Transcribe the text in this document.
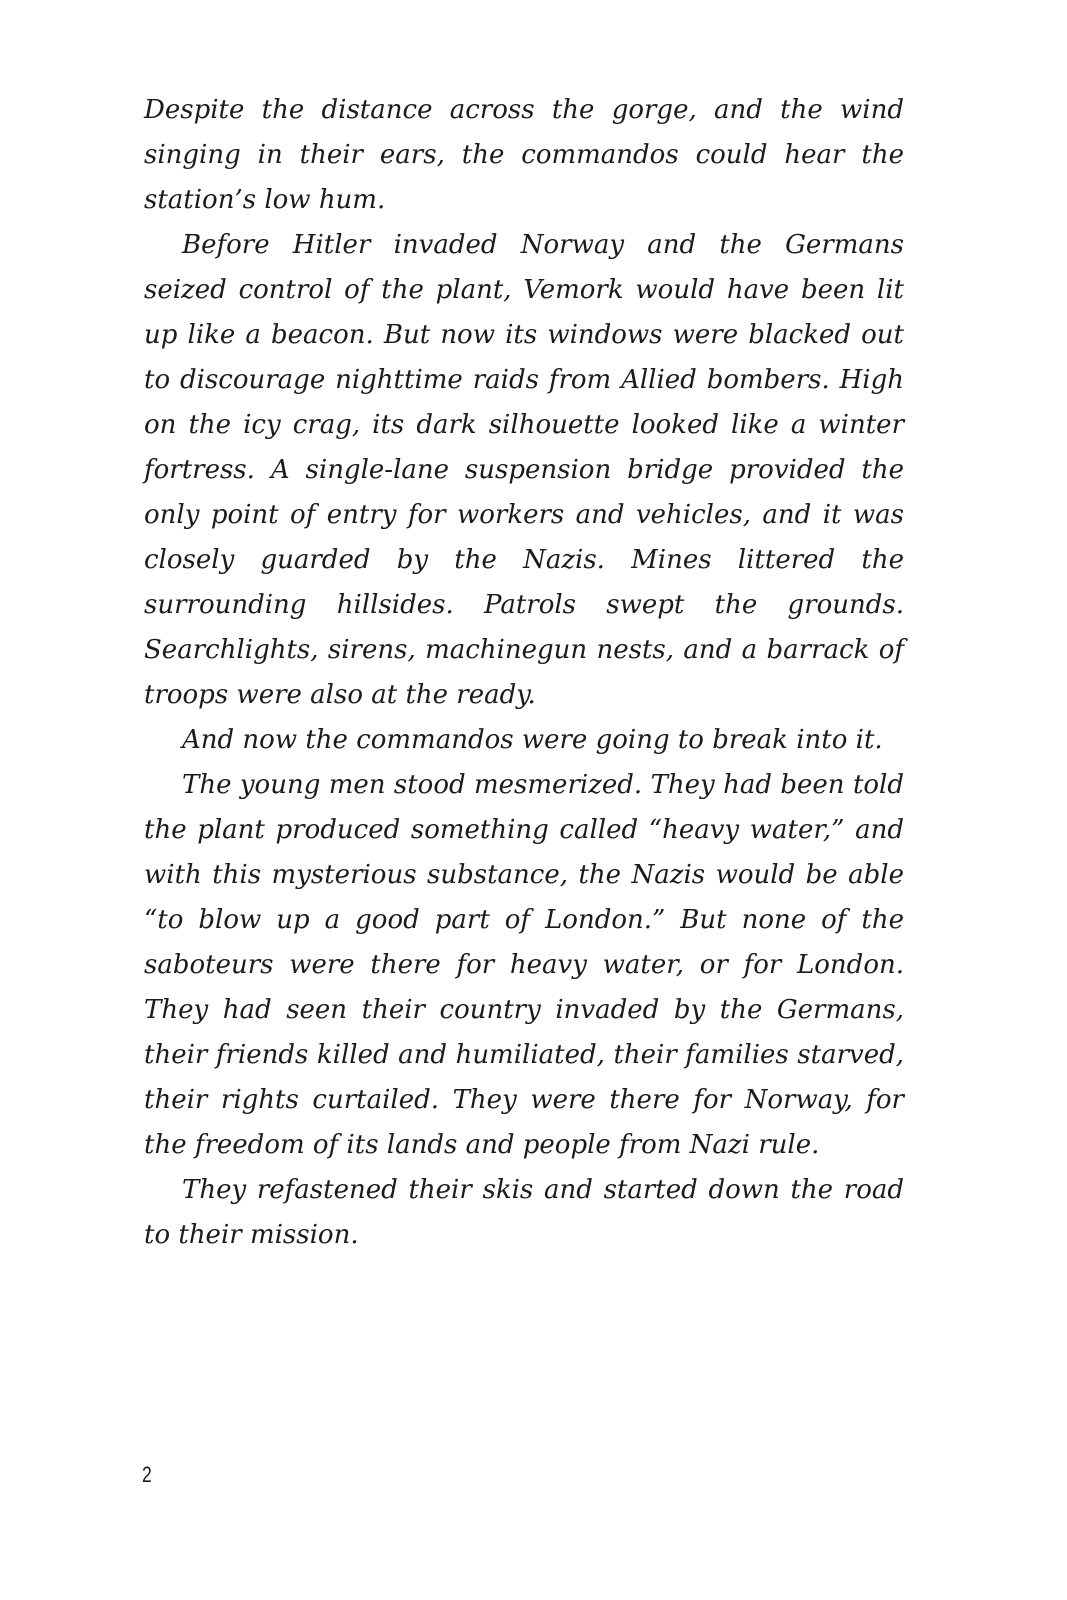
Despite the distance across the gorge, and the wind singing in their ears, the commandos could hear the station’s low hum.

Before Hitler invaded Norway and the Germans seized control of the plant, Vemork would have been lit up like a beacon. But now its windows were blacked out to discourage nighttime raids from Allied bombers. High on the icy crag, its dark silhouette looked like a winter fortress. A single-lane suspension bridge provided the only point of entry for workers and vehicles, and it was closely guarded by the Nazis. Mines littered the surrounding hillsides. Patrols swept the grounds. Searchlights, sirens, machinegun nests, and a barrack of troops were also at the ready.

And now the commandos were going to break into it.

The young men stood mesmerized. They had been told the plant produced something called “heavy water,” and with this mysterious substance, the Nazis would be able “to blow up a good part of London.” But none of the saboteurs were there for heavy water, or for London. They had seen their country invaded by the Germans, their friends killed and humiliated, their families starved, their rights curtailed. They were there for Norway, for the freedom of its lands and people from Nazi rule.

They refastened their skis and started down the road to their mission.

2
